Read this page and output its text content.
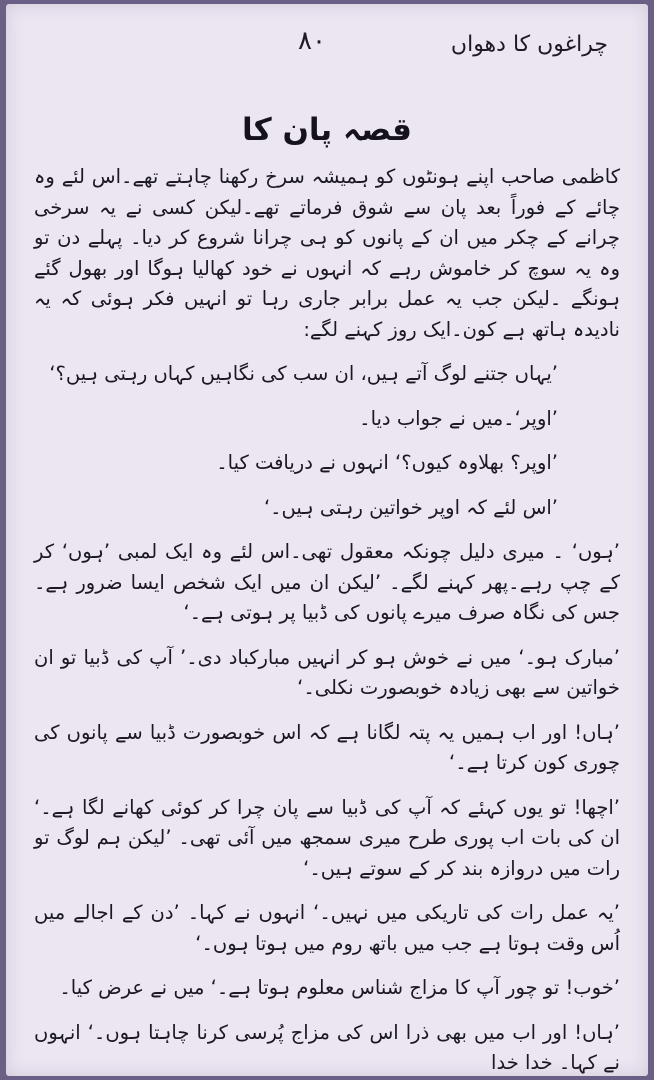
۸۰	چراغوں کا دھواں
قصہ پان کا

کاظمی صاحب اپنے ہونٹوں کو ہمیشہ سرخ رکھنا چاہتے تھے۔اس لئے وہ چائے کے فوراً بعد پان سے شوق فرماتے تھے۔لیکن کسی نے یہ سرخی چرانے کے چکر میں ان کے پانوں کو ہی چرانا شروع کر دیا۔ پہلے دن تو وہ یہ سوچ کر خاموش رہے کہ انہوں نے خود کھالیا ہوگا اور بھول گئے ہونگے ۔لیکن جب یہ عمل برابر جاری رہا تو انہیں فکر ہوئی کہ یہ نادیدہ ہاتھ ہے کون۔ایک روز کہنے لگے:

’یہاں جتنے لوگ آتے ہیں، ان سب کی نگاہیں کہاں رہتی ہیں؟‘

’اوپر‘۔میں نے جواب دیا۔

’اوپر؟ بھلاوہ کیوں؟‘ انہوں نے دریافت کیا۔

’اس لئے کہ اوپر خواتین رہتی ہیں۔‘

’ہوں‘ ۔ میری دلیل چونکہ معقول تھی۔اس لئے وہ ایک لمبی ’ہوں‘ کر کے چپ رہے۔پھر کہنے لگے۔ ’لیکن ان میں ایک شخص ایسا ضرور ہے۔جس کی نگاہ صرف میرے پانوں کی ڈبیا پر ہوتی ہے۔‘

’مبارک ہو۔‘ میں نے خوش ہو کر انہیں مبارکباد دی۔’ آپ کی ڈبیا تو ان خواتین سے بھی زیادہ خوبصورت نکلی۔‘

’ہاں! اور اب ہمیں یہ پتہ لگانا ہے کہ اس خوبصورت ڈبیا سے پانوں کی چوری کون کرتا ہے۔‘

’اچھا! تو یوں کہئے کہ آپ کی ڈبیا سے پان چرا کر کوئی کھانے لگا ہے۔‘ ان کی بات اب پوری طرح میری سمجھ میں آئی تھی۔ ’لیکن ہم لوگ تو رات میں دروازہ بند کر کے سوتے ہیں۔‘

’یہ عمل رات کی تاریکی میں نہیں۔‘ انہوں نے کہا۔ ’دن کے اجالے میں اُس وقت ہوتا ہے جب میں باتھ روم میں ہوتا ہوں۔‘

’خوب! تو چور آپ کا مزاج شناس معلوم ہوتا ہے۔‘ میں نے عرض کیا۔

’ہاں! اور اب میں بھی ذرا اس کی مزاج پُرسی کرنا چاہتا ہوں۔‘ انہوں نے کہا۔ خدا خدا
